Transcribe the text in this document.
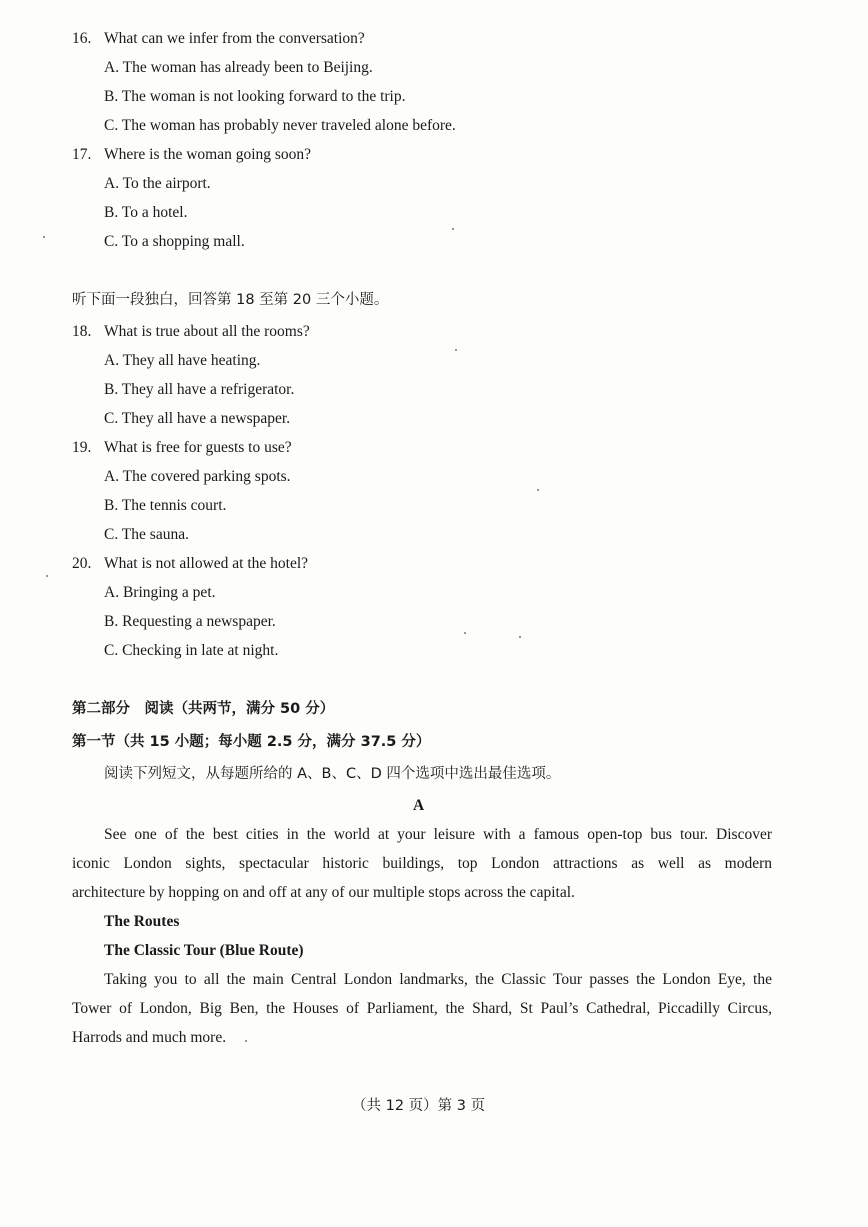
16. What can we infer from the conversation?
A. The woman has already been to Beijing.
B. The woman is not looking forward to the trip.
C. The woman has probably never traveled alone before.
17. Where is the woman going soon?
A. To the airport.
B. To a hotel.
C. To a shopping mall.
听下面一段独白，回答第 18 至第 20 三个小题。
18. What is true about all the rooms?
A. They all have heating.
B. They all have a refrigerator.
C. They all have a newspaper.
19. What is free for guests to use?
A. The covered parking spots.
B. The tennis court.
C. The sauna.
20. What is not allowed at the hotel?
A. Bringing a pet.
B. Requesting a newspaper.
C. Checking in late at night.
第二部分　阅读（共两节，满分 50 分）
第一节（共 15 小题；每小题 2.5 分，满分 37.5 分）
阅读下列短文，从每题所给的 A、B、C、D 四个选项中选出最佳选项。
A
See one of the best cities in the world at your leisure with a famous open-top bus tour. Discover
iconic London sights, spectacular historic buildings, top London attractions as well as modern
architecture by hopping on and off at any of our multiple stops across the capital.
The Routes
The Classic Tour (Blue Route)
Taking you to all the main Central London landmarks, the Classic Tour passes the London Eye, the
Tower of London, Big Ben, the Houses of Parliament, the Shard, St Paul’s Cathedral, Piccadilly Circus,
Harrods and much more.
（共 12 页）第 3 页
